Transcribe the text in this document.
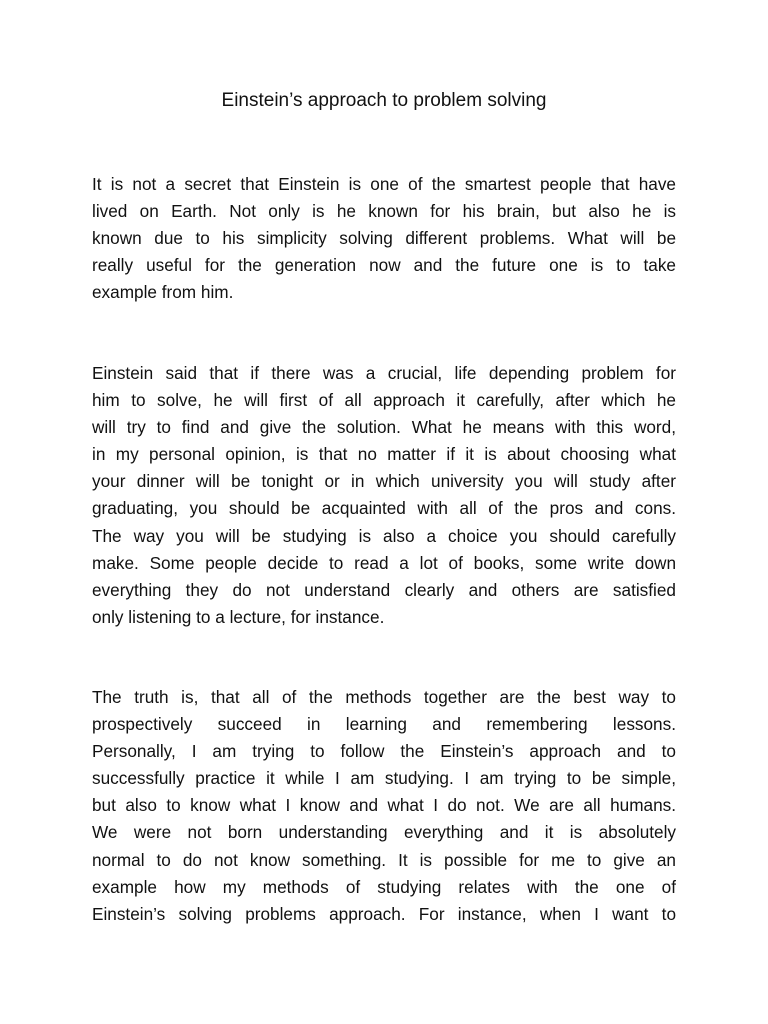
Einstein’s approach to problem solving
It is not a secret that Einstein is one of the smartest people that have
lived on Earth. Not only is he known for his brain, but also he is
known due to his simplicity solving different problems. What will be
really useful for the generation now and the future one is to take
example from him.
Einstein said that if there was a crucial, life depending problem for
him to solve, he will first of all approach it carefully, after which he
will try to find and give the solution. What he means with this word,
in my personal opinion, is that no matter if it is about choosing what
your dinner will be tonight or in which university you will study after
graduating, you should be acquainted with all of the pros and cons.
The way you will be studying is also a choice you should carefully
make. Some people decide to read a lot of books, some write down
everything they do not understand clearly and others are satisfied
only listening to a lecture, for instance.
The truth is, that all of the methods together are the best way to
prospectively succeed in learning and remembering lessons.
Personally, I am trying to follow the Einstein’s approach and to
successfully practice it while I am studying. I am trying to be simple,
but also to know what I know and what I do not. We are all humans.
We were not born understanding everything and it is absolutely
normal to do not know something. It is possible for me to give an
example how my methods of studying relates with the one of
Einstein’s solving problems approach. For instance, when I want to
